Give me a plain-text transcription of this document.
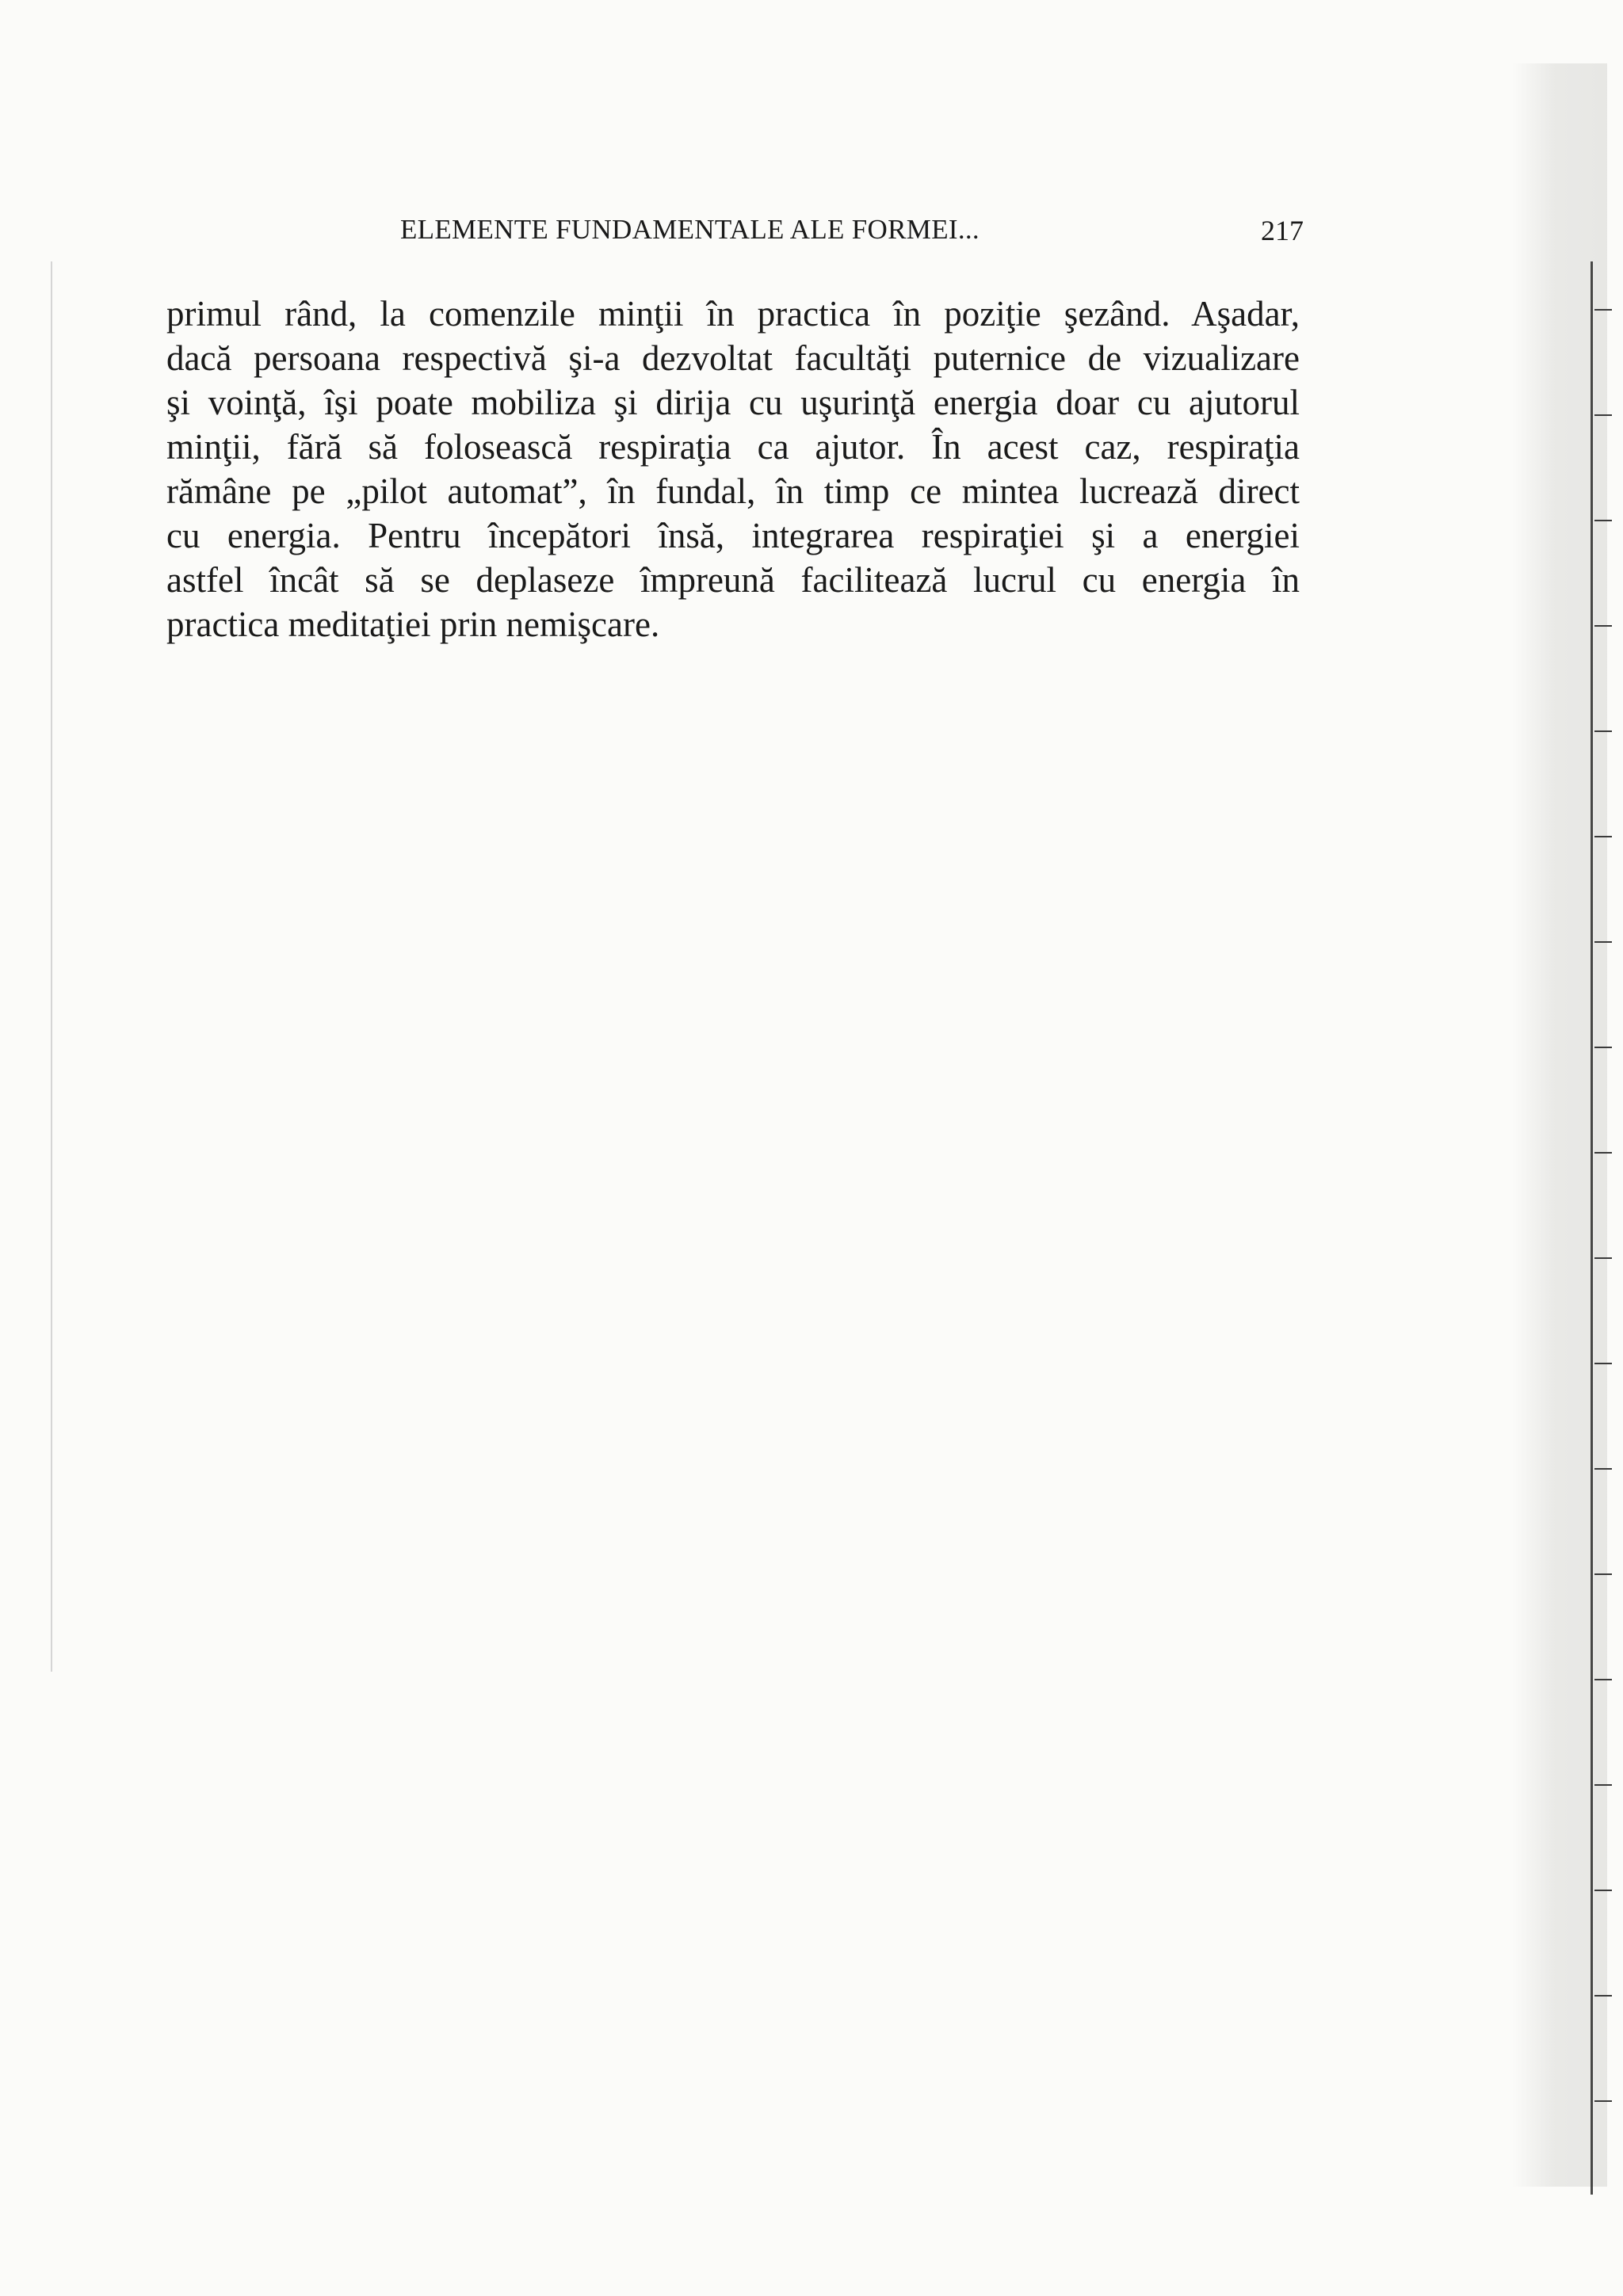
ELEMENTE FUNDAMENTALE ALE FORMEI...	217

primul rând, la comenzile minţii în practica în poziţie şezând. Aşadar,
dacă persoana respectivă şi-a dezvoltat facultăţi puternice de vizualizare
şi voinţă, îşi poate mobiliza şi dirija cu uşurinţă energia doar cu ajutorul
minţii, fără să folosească respiraţia ca ajutor. În acest caz, respiraţia
rămâne pe „pilot automat”, în fundal, în timp ce mintea lucrează direct
cu energia. Pentru începători însă, integrarea respiraţiei şi a energiei
astfel încât să se deplaseze împreună facilitează lucrul cu energia în
practica meditaţiei prin nemişcare.
